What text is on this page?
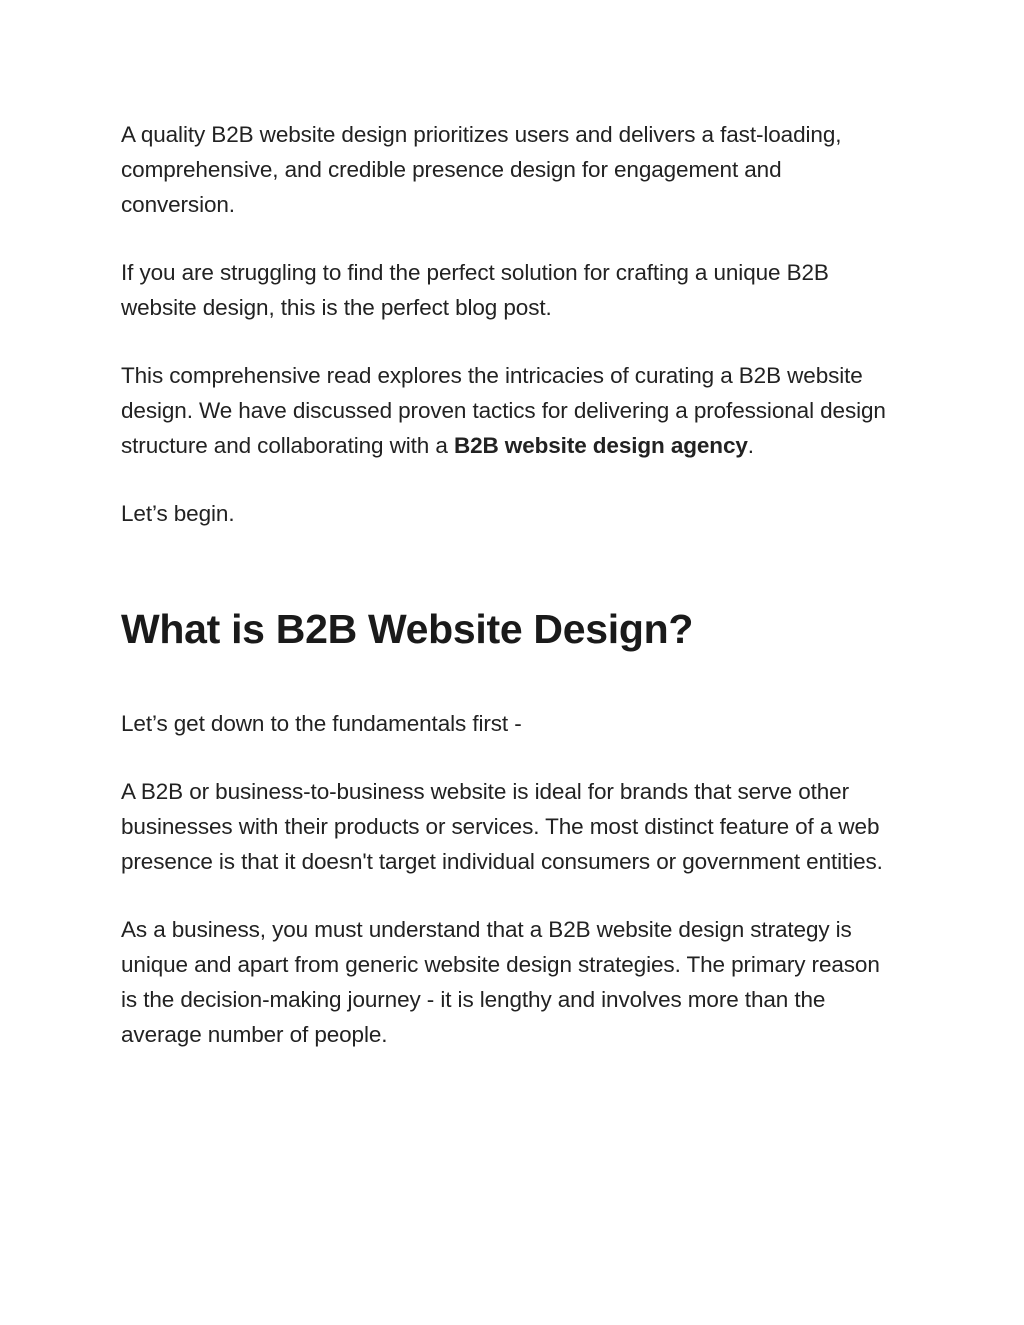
A quality B2B website design prioritizes users and delivers a fast-loading, comprehensive, and credible presence design for engagement and conversion.

If you are struggling to find the perfect solution for crafting a unique B2B website design, this is the perfect blog post.

This comprehensive read explores the intricacies of curating a B2B website design. We have discussed proven tactics for delivering a professional design structure and collaborating with a B2B website design agency.

Let’s begin.

What is B2B Website Design?

Let’s get down to the fundamentals first -

A B2B or business-to-business website is ideal for brands that serve other businesses with their products or services. The most distinct feature of a web presence is that it doesn't target individual consumers or government entities.

As a business, you must understand that a B2B website design strategy is unique and apart from generic website design strategies. The primary reason is the decision-making journey - it is lengthy and involves more than the average number of people.
